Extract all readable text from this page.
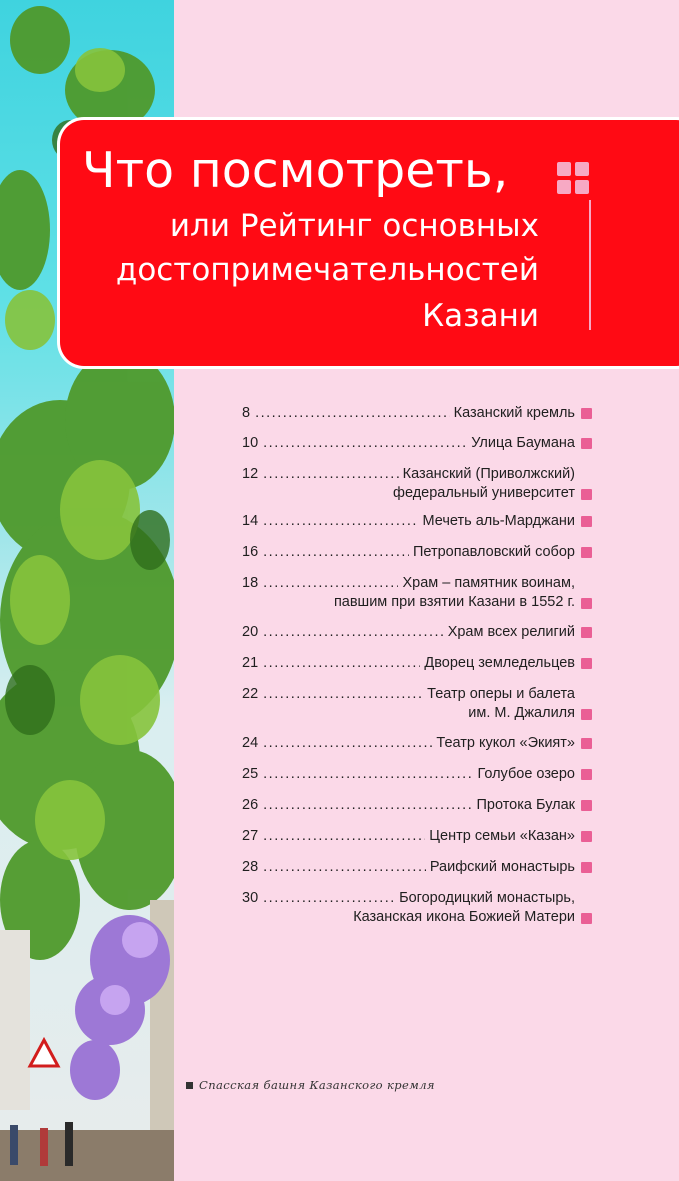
Что посмотреть,
или Рейтинг основных
достопримечательностей
Казани
8 .....	Казанский кремль
10 .....	Улица Баумана
12 .....	Казанский (Приволжский)
федеральный университет
14 .....	Мечеть аль-Марджани
16 .....	Петропавловский собор
18 .....	Храм – памятник воинам,
павшим при взятии Казани в 1552 г.
20 .....	Храм всех религий
21 .....	Дворец земледельцев
22 .....	Театр оперы и балета
им. М. Джалиля
24 .....	Театр кукол «Экият»
25 .....	Голубое озеро
26 .....	Протока Булак
27 .....	Центр семьи «Казан»
28 .....	Раифский монастырь
30 .....	Богородицкий монастырь,
Казанская икона Божией Матери
Спасская башня Казанского кремля
